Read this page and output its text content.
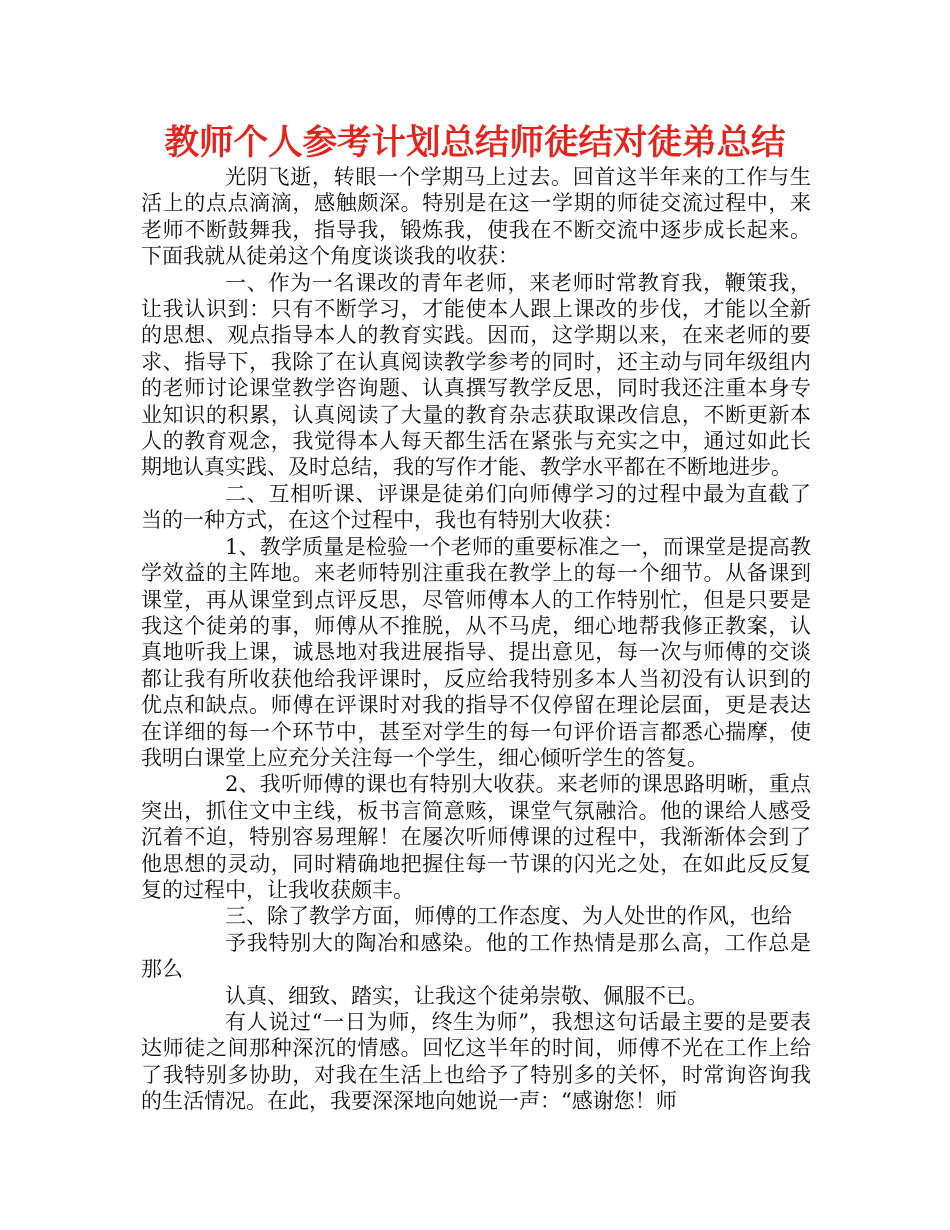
教师个人参考计划总结师徒结对徒弟总结

光阴飞逝，转眼一个学期马上过去。回首这半年来的工作与生活上的点点滴滴，感触颇深。特别是在这一学期的师徒交流过程中，来老师不断鼓舞我，指导我，锻炼我，使我在不断交流中逐步成长起来。下面我就从徒弟这个角度谈谈我的收获：

一、作为一名课改的青年老师，来老师时常教育我，鞭策我，让我认识到：只有不断学习，才能使本人跟上课改的步伐，才能以全新的思想、观点指导本人的教育实践。因而，这学期以来，在来老师的要求、指导下，我除了在认真阅读教学参考的同时，还主动与同年级组内的老师讨论课堂教学咨询题、认真撰写教学反思，同时我还注重本身专业知识的积累，认真阅读了大量的教育杂志获取课改信息，不断更新本人的教育观念，我觉得本人每天都生活在紧张与充实之中，通过如此长期地认真实践、及时总结，我的写作才能、教学水平都在不断地进步。

二、互相听课、评课是徒弟们向师傅学习的过程中最为直截了当的一种方式，在这个过程中，我也有特别大收获：

1、教学质量是检验一个老师的重要标准之一，而课堂是提高教学效益的主阵地。来老师特别注重我在教学上的每一个细节。从备课到课堂，再从课堂到点评反思，尽管师傅本人的工作特别忙，但是只要是我这个徒弟的事，师傅从不推脱，从不马虎，细心地帮我修正教案，认真地听我上课，诚恳地对我进展指导、提出意见，每一次与师傅的交谈都让我有所收获他给我评课时，反应给我特别多本人当初没有认识到的优点和缺点。师傅在评课时对我的指导不仅停留在理论层面，更是表达在详细的每一个环节中，甚至对学生的每一句评价语言都悉心揣摩，使我明白课堂上应充分关注每一个学生，细心倾听学生的答复。

2、我听师傅的课也有特别大收获。来老师的课思路明晰，重点突出，抓住文中主线，板书言简意赅，课堂气氛融洽。他的课给人感受沉着不迫，特别容易理解！在屡次听师傅课的过程中，我渐渐体会到了他思想的灵动，同时精确地把握住每一节课的闪光之处，在如此反反复复的过程中，让我收获颇丰。

三、除了教学方面，师傅的工作态度、为人处世的作风，也给

予我特别大的陶冶和感染。他的工作热情是那么高，工作总是那么

认真、细致、踏实，让我这个徒弟崇敬、佩服不已。

有人说过“一日为师，终生为师”，我想这句话最主要的是要表达师徒之间那种深沉的情感。回忆这半年的时间，师傅不光在工作上给了我特别多协助，对我在生活上也给予了特别多的关怀，时常询咨询我的生活情况。在此，我要深深地向她说一声：“感谢您！师
